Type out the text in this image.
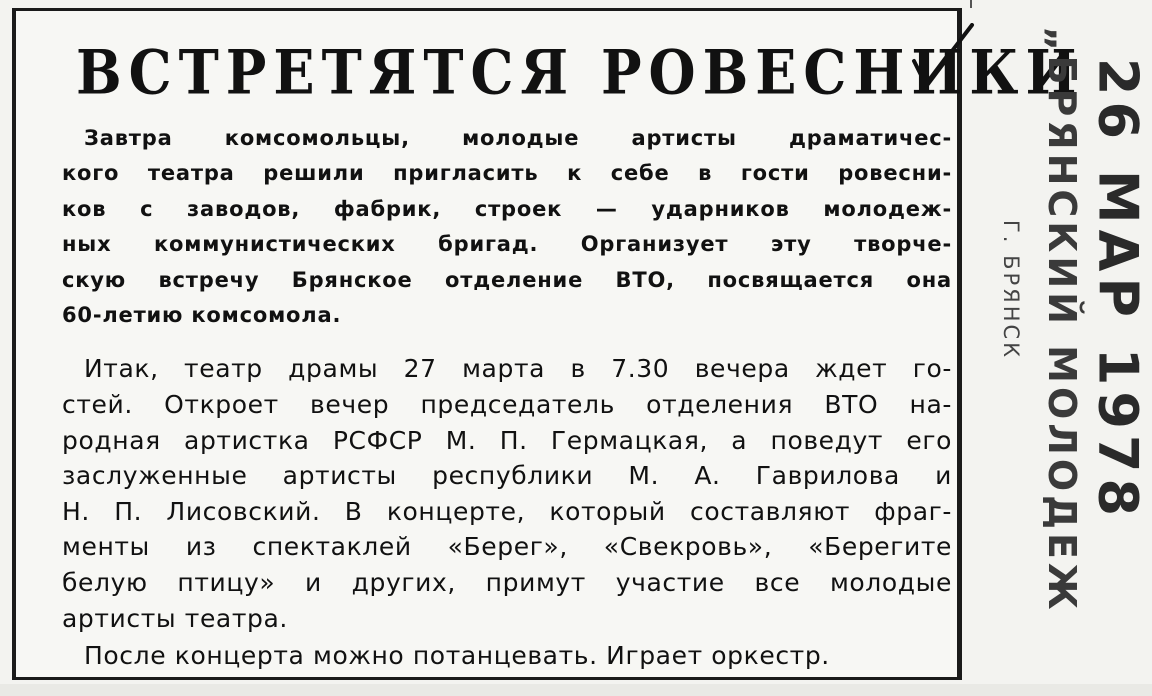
ВСТРЕТЯТСЯ РОВЕСНИКИ
Завтра комсомольцы, молодые артисты драматичес-
кого театра решили пригласить к себе в гости ровесни-
ков с заводов, фабрик, строек — ударников молодеж-
ных коммунистических бригад. Организует эту творче-
скую встречу Брянское отделение ВТО, посвящается она
60-летию комсомола.
Итак, театр драмы 27 марта в 7.30 вечера ждет го-
стей. Откроет вечер председатель отделения ВТО на-
родная артистка РСФСР М. П. Гермацкая, а поведут его
заслуженные артисты республики М. А. Гаврилова и
Н. П. Лисовский. В концерте, который составляют фраг-
менты из спектаклей «Берег», «Свекровь», «Берегите
белую птицу» и других, примут участие все молодые
артисты театра.
После концерта можно потанцевать. Играет оркестр.
Г. БРЯНСК „БРЯНСКИЙ МОЛОДЕЖ 26 МАР 1978
